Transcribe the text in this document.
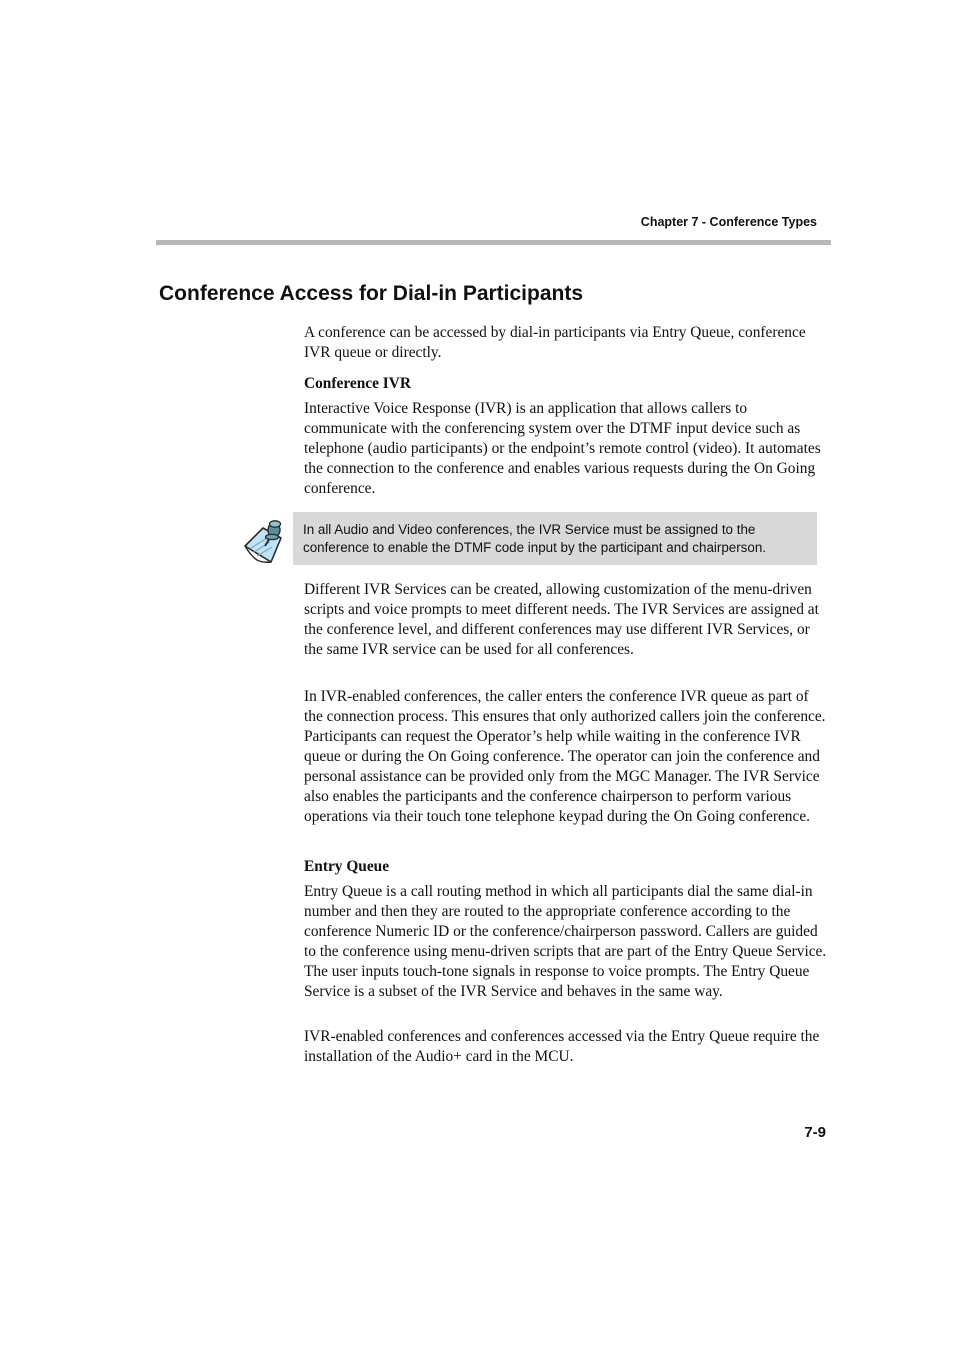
Chapter 7 - Conference Types
Conference Access for Dial-in Participants

A conference can be accessed by dial-in participants via Entry Queue, conference IVR queue or directly.

Conference IVR

Interactive Voice Response (IVR) is an application that allows callers to communicate with the conferencing system over the DTMF input device such as telephone (audio participants) or the endpoint’s remote control (video). It automates the connection to the conference and enables various requests during the On Going conference.

In all Audio and Video conferences, the IVR Service must be assigned to the conference to enable the DTMF code input by the participant and chairperson.

Different IVR Services can be created, allowing customization of the menu-driven scripts and voice prompts to meet different needs. The IVR Services are assigned at the conference level, and different conferences may use different IVR Services, or the same IVR service can be used for all conferences.

In IVR-enabled conferences, the caller enters the conference IVR queue as part of the connection process. This ensures that only authorized callers join the conference. Participants can request the Operator’s help while waiting in the conference IVR queue or during the On Going conference. The operator can join the conference and personal assistance can be provided only from the MGC Manager. The IVR Service also enables the participants and the conference chairperson to perform various operations via their touch tone telephone keypad during the On Going conference.

Entry Queue

Entry Queue is a call routing method in which all participants dial the same dial-in number and then they are routed to the appropriate conference according to the conference Numeric ID or the conference/chairperson password. Callers are guided to the conference using menu-driven scripts that are part of the Entry Queue Service. The user inputs touch-tone signals in response to voice prompts. The Entry Queue Service is a subset of the IVR Service and behaves in the same way.

IVR-enabled conferences and conferences accessed via the Entry Queue require the installation of the Audio+ card in the MCU.

7-9
